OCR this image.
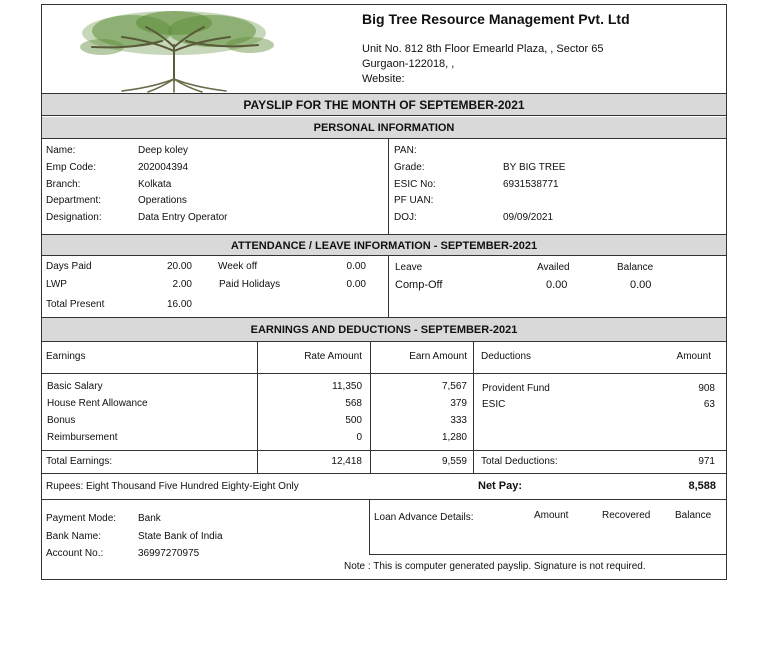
Big Tree Resource Management Pvt. Ltd
Unit No. 812 8th Floor Emearld Plaza, , Sector 65
Gurgaon-122018, ,
Website:
PAYSLIP FOR THE MONTH OF SEPTEMBER-2021
PERSONAL INFORMATION
Name:	Deep koley
Emp Code:	202004394
Branch:	Kolkata
Department:	Operations
Designation:	Data Entry Operator
PAN:
Grade:	BY BIG TREE
ESIC No:	6931538771
PF UAN:
DOJ:	09/09/2021
ATTENDANCE / LEAVE INFORMATION - SEPTEMBER-2021
Days Paid	20.00	Week off	0.00
LWP	2.00	Paid Holidays	0.00
Total Present	16.00
Leave	Availed	Balance
Comp-Off	0.00	0.00
EARNINGS AND DEDUCTIONS - SEPTEMBER-2021
Earnings	Rate Amount	Earn Amount Deductions	Amount
Basic Salary	11,350	7,567
House Rent Allowance	568	379
Bonus	500	333
Reimbursement	0	1,280
Provident Fund	908
ESIC	63
Total Earnings:	12,418	9,559 Total Deductions:	971
Rupees: Eight Thousand Five Hundred Eighty-Eight Only	Net Pay:	8,588
Payment Mode: Bank
Bank Name:	State Bank of India
Account No.:	36997270975
Loan Advance Details:	Amount	Recovered Balance
Note : This is computer generated payslip. Signature is not required.
